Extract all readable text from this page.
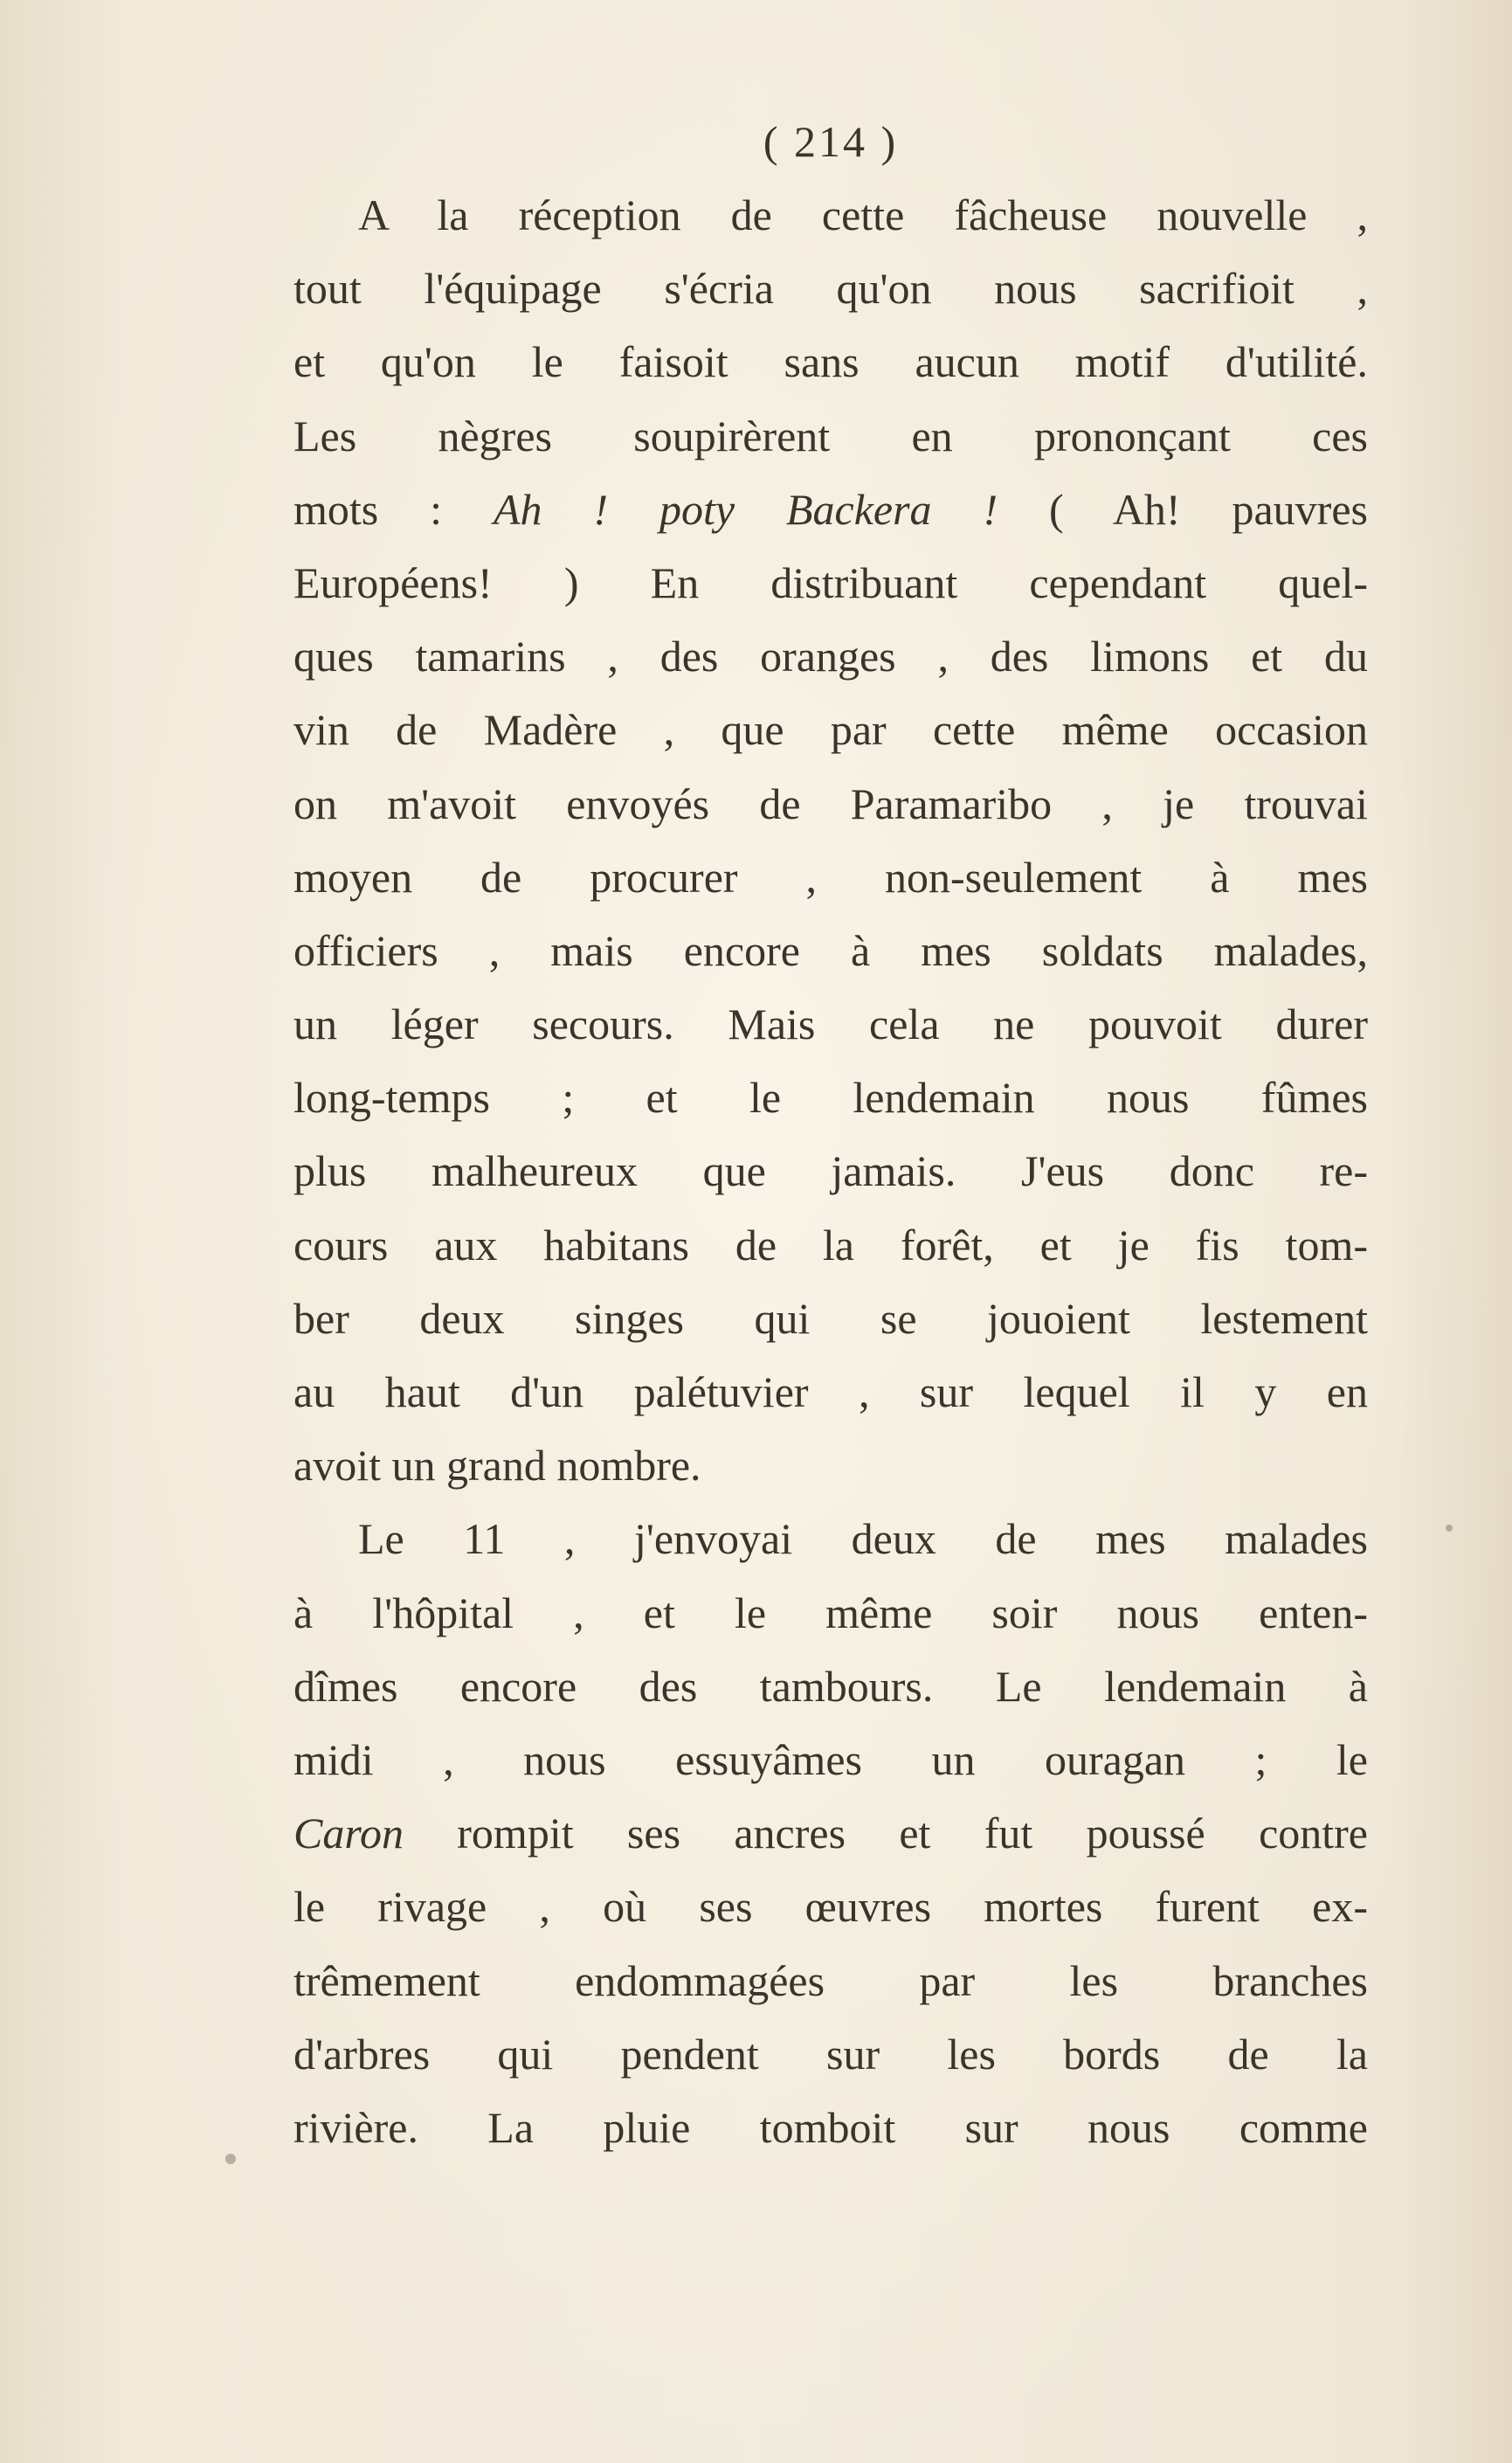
( 214 )
A la réception de cette fâcheuse nouvelle ,
tout l'équipage s'écria qu'on nous sacrifioit ,
et qu'on le faisoit sans aucun motif d'utilité.
Les nègres soupirèrent en prononçant ces
mots : Ah ! poty Backera ! ( Ah! pauvres
Européens! ) En distribuant cependant quel-
ques tamarins , des oranges , des limons et du
vin de Madère , que par cette même occasion
on m'avoit envoyés de Paramaribo , je trouvai
moyen de procurer , non-seulement à mes
officiers , mais encore à mes soldats malades,
un léger secours. Mais cela ne pouvoit durer
long-temps ; et le lendemain nous fûmes
plus malheureux que jamais. J'eus donc re-
cours aux habitans de la forêt, et je fis tom-
ber deux singes qui se jouoient lestement
au haut d'un palétuvier , sur lequel il y en
avoit un grand nombre.
Le 11 , j'envoyai deux de mes malades
à l'hôpital , et le même soir nous enten-
dîmes encore des tambours. Le lendemain à
midi , nous essuyâmes un ouragan ; le
Caron rompit ses ancres et fut poussé contre
le rivage , où ses œuvres mortes furent ex-
trêmement endommagées par les branches
d'arbres qui pendent sur les bords de la
rivière. La pluie tomboit sur nous comme
